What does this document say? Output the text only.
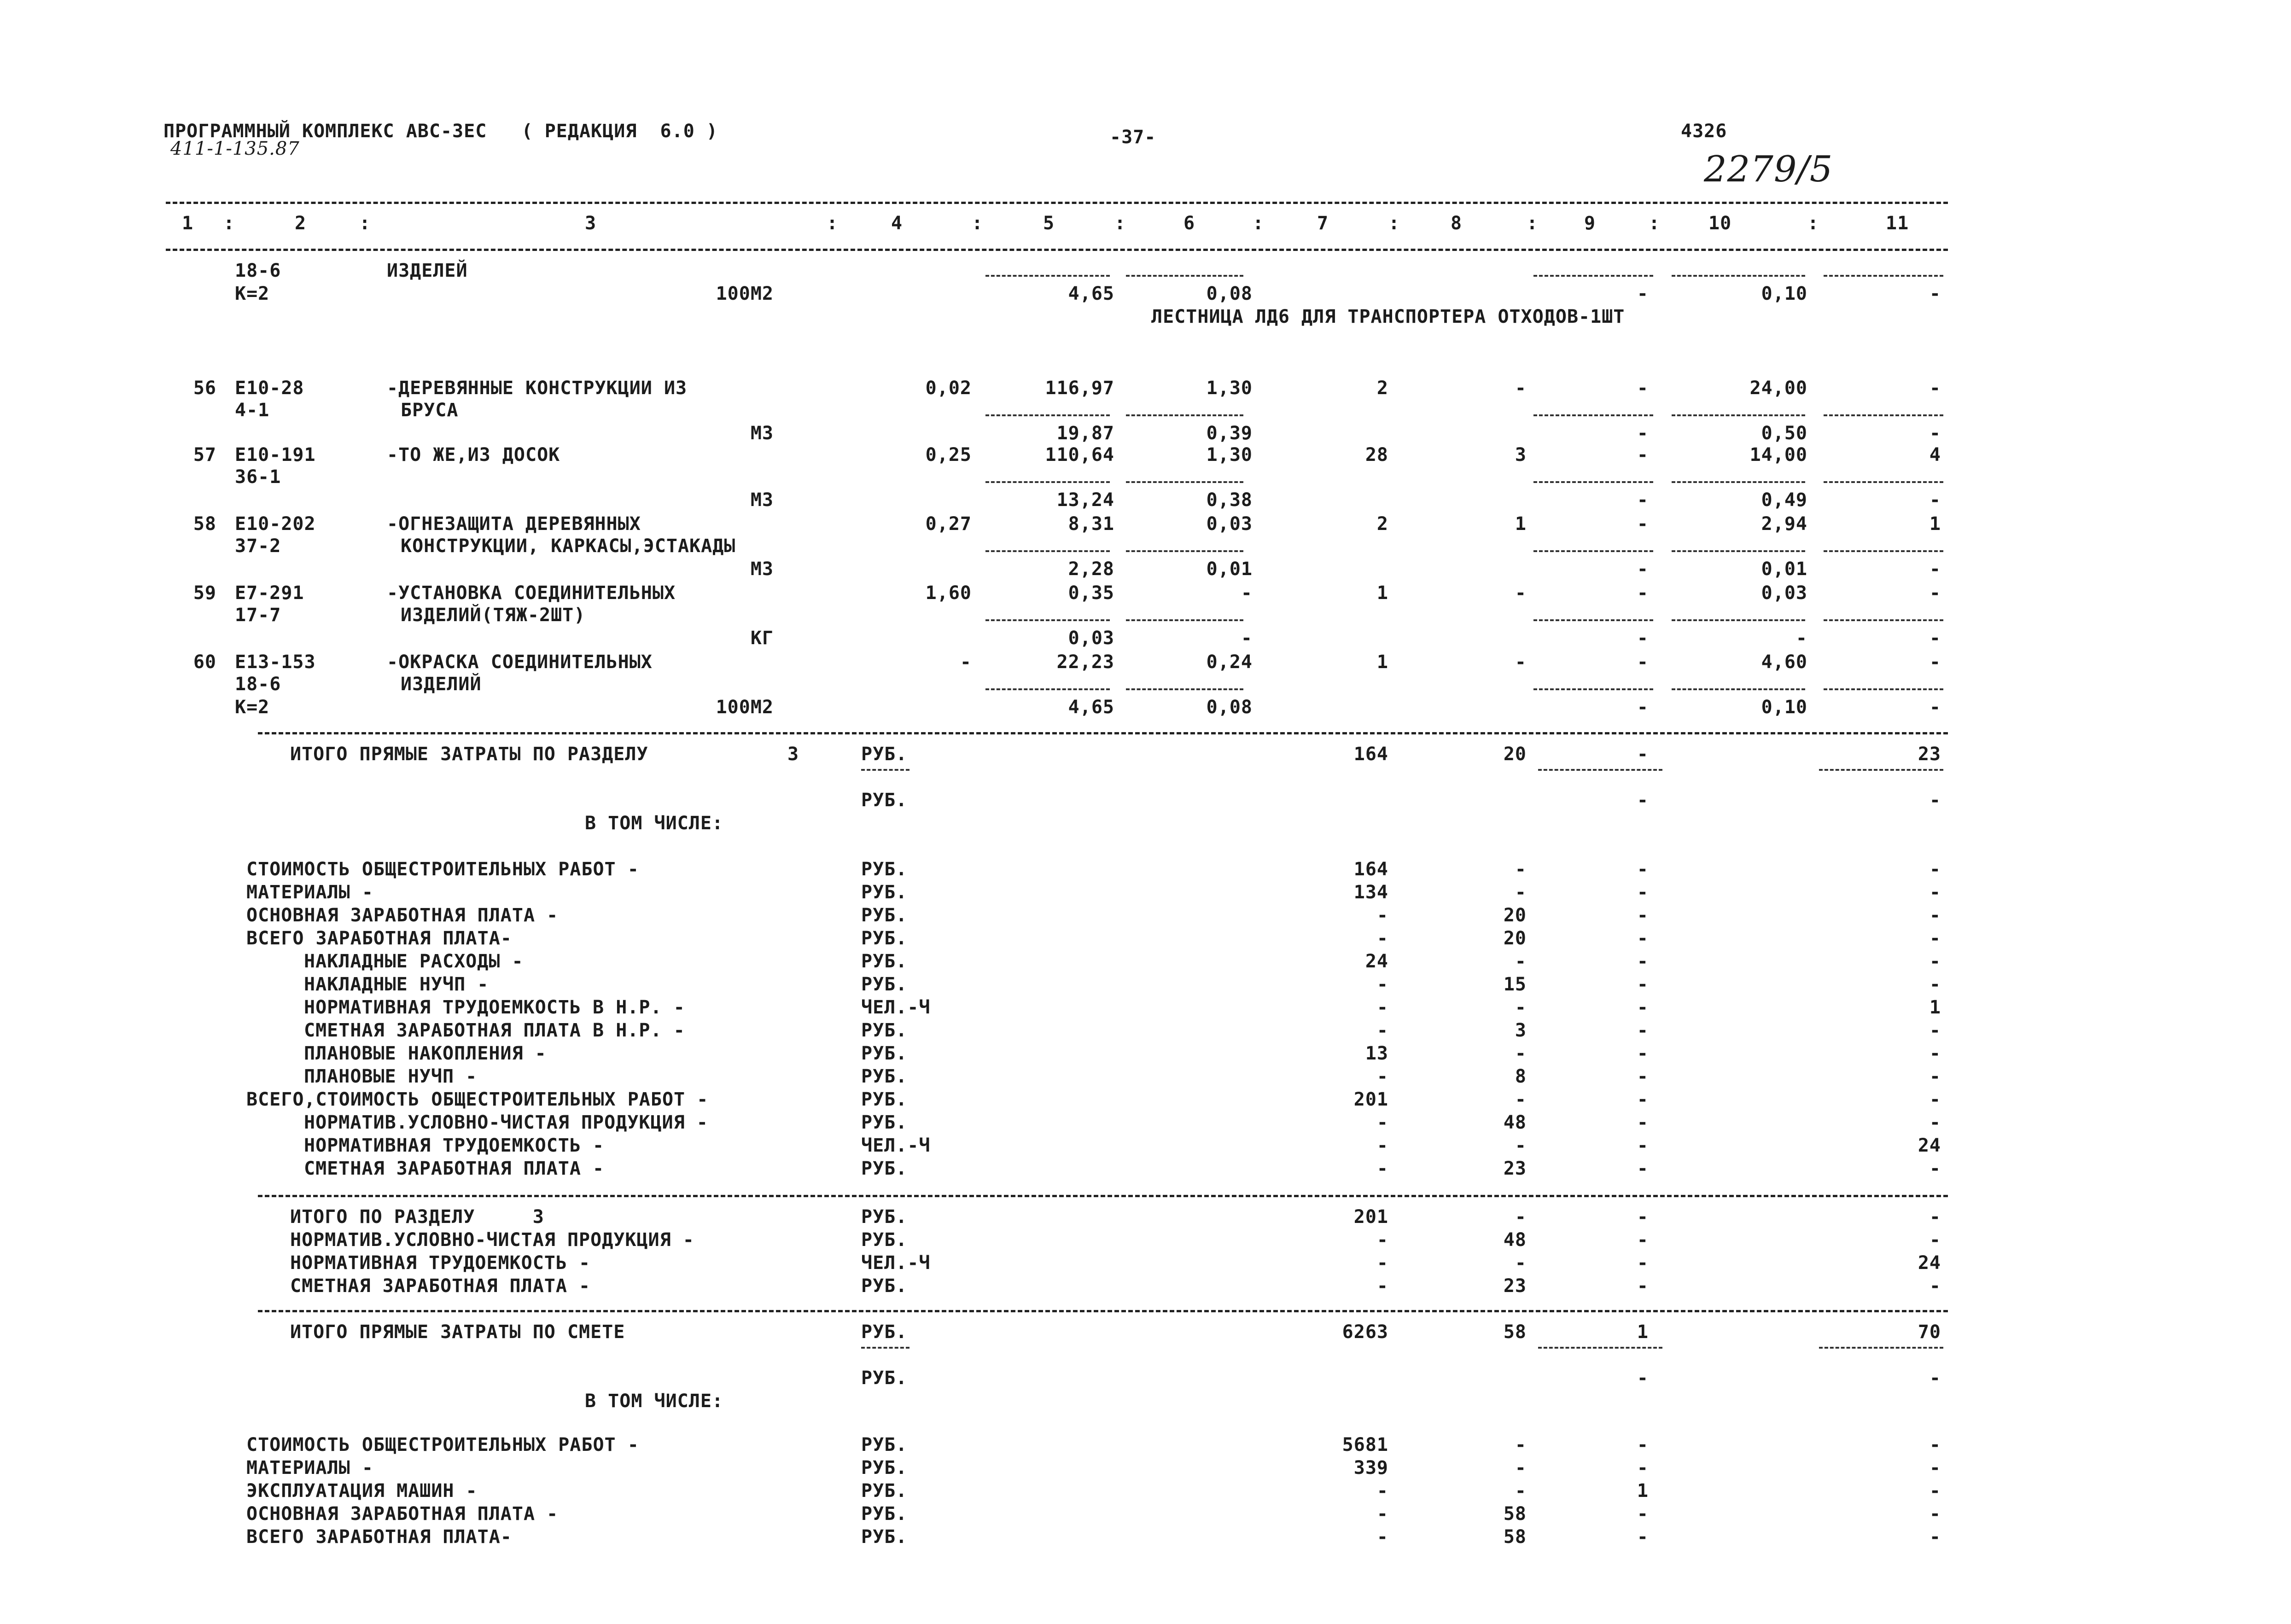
ПРОГРАММНЫЙ КОМПЛЕКС АВС-3ЕС   ( РЕДАКЦИЯ  6.0 )	-37-	4326
411-1-135.87	2279/5
1 :	2	:	3	:	4	:	5	:	6	:	7	:	8	: 9	:	10	:	11
18-6	ИЗДЕЛЕЙ
К=2	100М2	4,65	0,08	-	0,10	-
ЛЕСТНИЦА ЛД6 ДЛЯ ТРАНСПОРТЕРА ОТХОДОВ-1ШТ
56 Е10-28	-ДЕРЕВЯННЫЕ КОНСТРУКЦИИ ИЗ	0,02	116,97	1,30	2	-	-	24,00	-
4-1	БРУСА
М3	19,87	0,39	-	0,50	-
57 Е10-191	-ТО ЖЕ,ИЗ ДОСОК	0,25	110,64	1,30	28	3	-	14,00	4
36-1
М3	13,24	0,38	-	0,49	-
58 Е10-202	-ОГНЕЗАЩИТА ДЕРЕВЯННЫХ	0,27	8,31	0,03	2	1	-	2,94	1
37-2	КОНСТРУКЦИИ, КАРКАСЫ,ЭСТАКАДЫ
М3	2,28	0,01	-	0,01	-
59 Е7-291	-УСТАНОВКА СОЕДИНИТЕЛЬНЫХ	1,60	0,35	-	1	-	-	0,03	-
17-7	ИЗДЕЛИЙ(ТЯЖ-2ШТ)
КГ	0,03	-	-	-	-
60 Е13-153	-ОКРАСКА СОЕДИНИТЕЛЬНЫХ	-	22,23	0,24	1	-	-	4,60	-
18-6	ИЗДЕЛИЙ
К=2	100М2	4,65	0,08	-	0,10	-
ИТОГО ПРЯМЫЕ ЗАТРАТЫ ПО РАЗДЕЛУ	3	РУБ.	164	20	-	23
РУБ.	-	-
В ТОМ ЧИСЛЕ:
СТОИМОСТЬ ОБЩЕСТРОИТЕЛЬНЫХ РАБОТ -	РУБ.	164	-	-	-
МАТЕРИАЛЫ -	РУБ.	134	-	-	-
ОСНОВНАЯ ЗАРАБОТНАЯ ПЛАТА -	РУБ.	-	20	-	-
ВСЕГО ЗАРАБОТНАЯ ПЛАТА-	РУБ.	-	20	-	-
НАКЛАДНЫЕ РАСХОДЫ -	РУБ.	24	-	-	-
НАКЛАДНЫЕ НУЧП -	РУБ.	-	15	-	-
НОРМАТИВНАЯ ТРУДОЕМКОСТЬ В Н.Р. -	ЧЕЛ.-Ч	-	-	-	1
СМЕТНАЯ ЗАРАБОТНАЯ ПЛАТА В Н.Р. -	РУБ.	-	3	-	-
ПЛАНОВЫЕ НАКОПЛЕНИЯ -	РУБ.	13	-	-	-
ПЛАНОВЫЕ НУЧП -	РУБ.	-	8	-	-
ВСЕГО,СТОИМОСТЬ ОБЩЕСТРОИТЕЛЬНЫХ РАБОТ -	РУБ.	201	-	-	-
НОРМАТИВ.УСЛОВНО-ЧИСТАЯ ПРОДУКЦИЯ -	РУБ.	-	48	-	-
НОРМАТИВНАЯ ТРУДОЕМКОСТЬ -	ЧЕЛ.-Ч	-	-	-	24
СМЕТНАЯ ЗАРАБОТНАЯ ПЛАТА -	РУБ.	-	23	-	-
ИТОГО ПО РАЗДЕЛУ     3	РУБ.	201	-	-	-
НОРМАТИВ.УСЛОВНО-ЧИСТАЯ ПРОДУКЦИЯ -	РУБ.	-	48	-	-
НОРМАТИВНАЯ ТРУДОЕМКОСТЬ -	ЧЕЛ.-Ч	-	-	-	24
СМЕТНАЯ ЗАРАБОТНАЯ ПЛАТА -	РУБ.	-	23	-	-
ИТОГО ПРЯМЫЕ ЗАТРАТЫ ПО СМЕТЕ	РУБ.	6263	58	1	70
РУБ.	-	-
В ТОМ ЧИСЛЕ:
СТОИМОСТЬ ОБЩЕСТРОИТЕЛЬНЫХ РАБОТ -	РУБ.	5681	-	-	-
МАТЕРИАЛЫ -	РУБ.	339	-	-	-
ЭКСПЛУАТАЦИЯ МАШИН -	РУБ.	-	-	1	-
ОСНОВНАЯ ЗАРАБОТНАЯ ПЛАТА -	РУБ.	-	58	-	-
ВСЕГО ЗАРАБОТНАЯ ПЛАТА-	РУБ.	-	58	-	-
